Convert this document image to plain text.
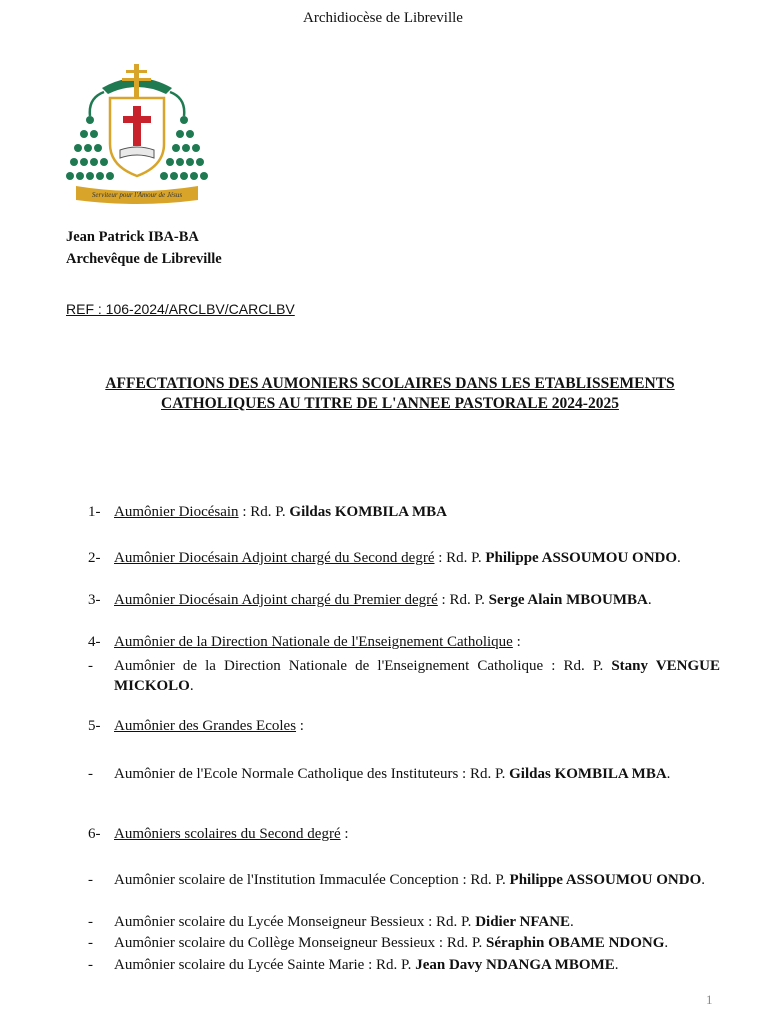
Archidiocèse de Libreville
Serviteur pour l'Amour de Jésus
Jean Patrick IBA-BA
Archevêque de Libreville
REF : 106-2024/ARCLBV/CARCLBV
AFFECTATIONS DES AUMONIERS SCOLAIRES DANS LES ETABLISSEMENTS
CATHOLIQUES AU TITRE DE L'ANNEE PASTORALE 2024-2025
1- Aumônier Diocésain : Rd. P. Gildas KOMBILA MBA
2- Aumônier Diocésain Adjoint chargé du Second degré : Rd. P. Philippe ASSOUMOU ONDO.
3- Aumônier Diocésain Adjoint chargé du Premier degré : Rd. P. Serge Alain MBOUMBA.
4- Aumônier de la Direction Nationale de l'Enseignement Catholique :
- Aumônier de la Direction Nationale de l'Enseignement Catholique : Rd. P. Stany VENGUE MICKOLO.
5- Aumônier des Grandes Ecoles :
- Aumônier de l'Ecole Normale Catholique des Instituteurs : Rd. P. Gildas KOMBILA MBA.
6- Aumôniers scolaires du Second degré :
- Aumônier scolaire de l'Institution Immaculée Conception : Rd. P. Philippe ASSOUMOU ONDO.
- Aumônier scolaire du Lycée Monseigneur Bessieux : Rd. P. Didier NFANE.
- Aumônier scolaire du Collège Monseigneur Bessieux : Rd. P. Séraphin OBAME NDONG.
- Aumônier scolaire du Lycée Sainte Marie : Rd. P. Jean Davy NDANGA MBOME.
1
